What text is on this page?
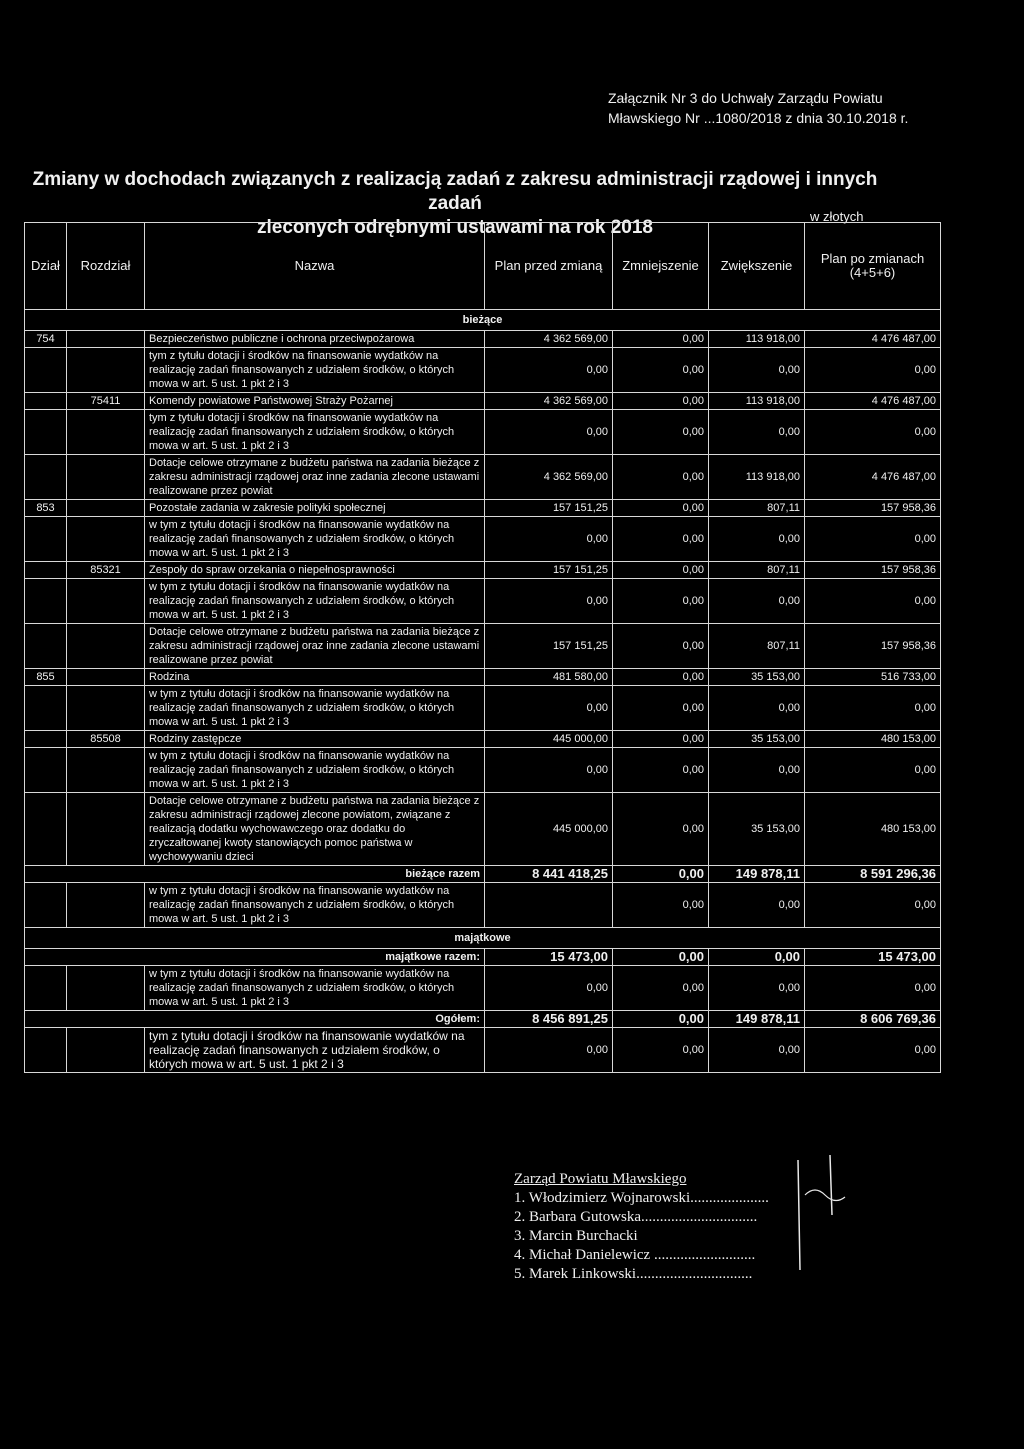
Załącznik Nr 3 do Uchwały Zarządu Powiatu
Mławskiego Nr ...1080/2018 z dnia 30.10.2018 r.
Zmiany w dochodach związanych z realizacją zadań z zakresu administracji rządowej i innych zadań
zleconych odrębnymi ustawami na rok 2018
w złotych
Dział	Rozdział	Nazwa	Plan przed zmianą	Zmniejszenie	Zwiększenie	Plan po zmianach (4+5+6)
bieżące						
754		Bezpieczeństwo publiczne i ochrona przeciwpożarowa	4 362 569,00	0,00	113 918,00	4 476 487,00
		tym z tytułu dotacji i środków na finansowanie wydatków na realizację zadań finansowanych z udziałem środków, o których mowa w art. 5 ust. 1 pkt 2 i 3	0,00	0,00	0,00	0,00
	75411	Komendy powiatowe Państwowej Straży Pożarnej	4 362 569,00	0,00	113 918,00	4 476 487,00
		tym z tytułu dotacji i środków na finansowanie wydatków na realizację zadań finansowanych z udziałem środków, o których mowa w art. 5 ust. 1 pkt 2 i 3	0,00	0,00	0,00	0,00
		Dotacje celowe otrzymane z budżetu państwa na zadania bieżące z zakresu administracji rządowej oraz inne zadania zlecone ustawami realizowane przez powiat	4 362 569,00	0,00	113 918,00	4 476 487,00
853		Pozostałe zadania w zakresie polityki społecznej	157 151,25	0,00	807,11	157 958,36
		w tym z tytułu dotacji i środków na finansowanie wydatków na realizację zadań finansowanych z udziałem środków, o których mowa w art. 5 ust. 1 pkt 2 i 3	0,00	0,00	0,00	0,00
	85321	Zespoły do spraw orzekania o niepełnosprawności	157 151,25	0,00	807,11	157 958,36
		w tym z tytułu dotacji i środków na finansowanie wydatków na realizację zadań finansowanych z udziałem środków, o których mowa w art. 5 ust. 1 pkt 2 i 3	0,00	0,00	0,00	0,00
		Dotacje celowe otrzymane z budżetu państwa na zadania bieżące z zakresu administracji rządowej oraz inne zadania zlecone ustawami realizowane przez powiat	157 151,25	0,00	807,11	157 958,36
855		Rodzina	481 580,00	0,00	35 153,00	516 733,00
		w tym z tytułu dotacji i środków na finansowanie wydatków na realizację zadań finansowanych z udziałem środków, o których mowa w art. 5 ust. 1 pkt 2 i 3	0,00	0,00	0,00	0,00
	85508	Rodziny zastępcze	445 000,00	0,00	35 153,00	480 153,00
		w tym z tytułu dotacji i środków na finansowanie wydatków na realizację zadań finansowanych z udziałem środków, o których mowa w art. 5 ust. 1 pkt 2 i 3	0,00	0,00	0,00	0,00
		Dotacje celowe otrzymane z budżetu państwa na zadania bieżące z zakresu administracji rządowej zlecone powiatom, związane z realizacją dodatku wychowawczego oraz dodatku do zryczałtowanej kwoty stanowiących pomoc państwa w wychowywaniu dzieci	445 000,00	0,00	35 153,00	480 153,00
bieżące razem			8 441 418,25	0,00	149 878,11	8 591 296,36
		w tym z tytułu dotacji i środków na finansowanie wydatków na realizację zadań finansowanych z udziałem środków, o których mowa w art. 5 ust. 1 pkt 2 i 3		0,00	0,00	0,00
majątkowe						
majątkowe razem:			15 473,00	0,00	0,00	15 473,00
		w tym z tytułu dotacji i środków na finansowanie wydatków na realizację zadań finansowanych z udziałem środków, o których mowa w art. 5 ust. 1 pkt 2 i 3	0,00	0,00	0,00	0,00
Ogółem:			8 456 891,25	0,00	149 878,11	8 606 769,36
		tym z tytułu dotacji i środków na finansowanie wydatków na realizację zadań finansowanych z udziałem środków, o których mowa w art. 5 ust. 1 pkt 2 i 3	0,00	0,00	0,00	0,00
Zarząd Powiatu Mławskiego
1. Włodzimierz Wojnarowski.....................
2. Barbara Gutowska...............................
3. Marcin Burchacki
4. Michał Danielewicz ...........................
5. Marek Linkowski...............................
